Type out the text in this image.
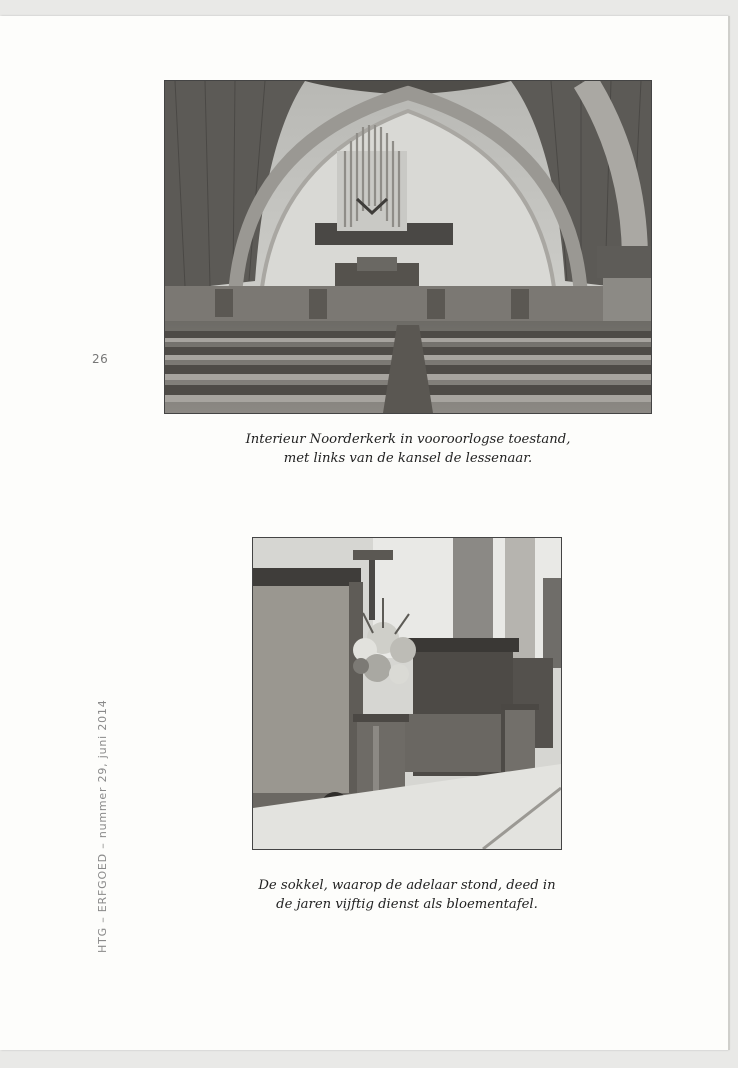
26
HTG – ERFGOED – nummer 29, juni 2014
Interieur Noorderkerk in vooroorlogse toestand,
met links van de kansel de lessenaar.
De sokkel, waarop de adelaar stond, deed in
de jaren vijftig dienst als bloementafel.
